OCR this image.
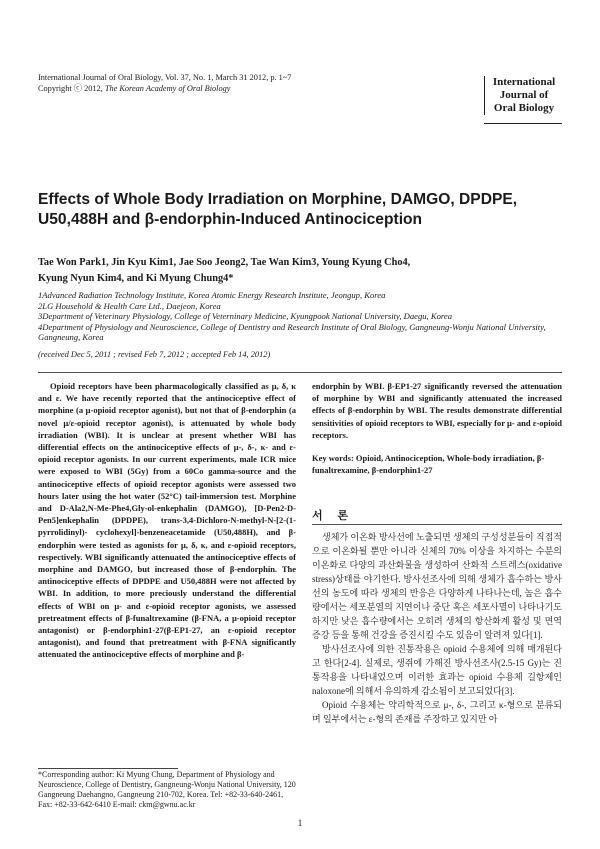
International Journal of Oral Biology, Vol. 37, No. 1, March 31 2012, p. 1~7
Copyright ⓒ 2012, The Korean Academy of Oral Biology
International
Journal of
Oral Biology
Effects of Whole Body Irradiation on Morphine, DAMGO, DPDPE,
U50,488H and β-endorphin-Induced Antinociception
Tae Won Park1, Jin Kyu Kim1, Jae Soo Jeong2, Tae Wan Kim3, Young Kyung Cho4,
Kyung Nyun Kim4, and Ki Myung Chung4*
1Advanced Radiation Technology Institute, Korea Atomic Energy Research Institute, Jeongup, Korea
2LG Household & Health Care Ltd., Daejeon, Korea
3Department of Veterinary Physiology, College of Veterninary Medicine, Kyungpook National University, Daegu, Korea
4Department of Physiology and Neuroscience, College of Dentistry and Research Institute of Oral Biology, Gangneung-Wonju National University, Gangneung, Korea
(received Dec 5, 2011 ; revised Feb 7, 2012 ; accepted Feb 14, 2012)
Opioid receptors have been pharmacologically classified as μ, δ, κ and ε. We have recently reported that the antinociceptive effect of morphine (a μ-opioid receptor agonist), but not that of β-endorphin (a novel μ/ε-opioid receptor agonist), is attenuated by whole body irradiation (WBI). It is unclear at present whether WBI has differential effects on the antinociceptive effects of μ-, δ-, κ- and ε-opioid receptor agonists. In our current experiments, male ICR mice were exposed to WBI (5Gy) from a 60Co gamma-source and the antinociceptive effects of opioid receptor agonists were assessed two hours later using the hot water (52°C) tail-immersion test. Morphine and D-Ala2,N-Me-Phe4,Gly-ol-enkephalin (DAMGO), [D-Pen2-D-Pen5]enkephalin (DPDPE), trans-3,4-Dichloro-N-methyl-N-[2-(1-pyrrolidinyl)- cyclohexyl]-benzeneacetamide (U50,488H), and β-endorphin were tested as agonists for μ, δ, κ, and ε-opioid receptors, respectively. WBI significantly attenuated the antinociceptive effects of morphine and DAMGO, but increased those of β-endorphin. The antinociceptive effects of DPDPE and U50,488H were not affected by WBI. In addition, to more preciously understand the differential effects of WBI on μ- and ε-opioid receptor agonists, we assessed pretreatment effects of β-funaltrexamine (β-FNA, a μ-opioid receptor antagonist) or β-endorphin1-27(β-EP1-27, an ε-opioid receptor antagonist), and found that pretreatment with β-FNA significantly attenuated the antinociceptive effects of morphine and β-
endorphin by WBI. β-EP1-27 significantly reversed the attenuation of morphine by WBI and significantly attenuated the increased effects of β-endorphin by WBI. The results demonstrate differential sensitivities of opioid receptors to WBI, especially for μ- and ε-opioid receptors.
Key words: Opioid, Antinociception, Whole-body irradiation, β-funaltrexamine, β-endorphin1-27
서 론

생체가 이온화 방사선에 노출되면 생체의 구성성분들이 직접적으로 이온화될 뿐만 아니라 신체의 70% 이상을 차지하는 수분의 이온화로 다양의 과산화물을 생성하여 산화적 스트레스(oxidative stress)상태를 야기한다. 방사선조사에 의해 생체가 흡수하는 방사선의 농도에 따라 생체의 반응은 다양하게 나타나는데, 높은 흡수량에서는 세포분열의 지연이나 중단 혹은 세포사멸이 나타나기도 하지만 낮은 흡수량에서는 오히려 생체의 항산화계 활성 및 면역증강 등을 통해 건강을 증진시킬 수도 있음이 알려져 있다[1].

방사선조사에 의한 진통작용은 opioid 수용체에 의해 매개된다고 한다[2-4]. 실제로, 생쥐에 가해진 방사선조사(2.5-15 Gy)는 진통작용을 나타내었으며 이러한 효과는 opioid 수용체 길항제인 naloxone에 의해서 유의하게 감소됨이 보고되었다[3].

Opioid 수용체는 약리학적으로 μ-, δ-, 그리고 κ-형으로 분류되며 일부에서는 ε-형의 존재를 주장하고 있지만 아

*Corresponding author: Ki Myung Chung, Department of Physiology and Neuroscience, College of Dentistry, Gangneung-Wonju National University, 120 Gangneung Daehangno, Gangneung 210-702, Korea. Tel: +82-33-640-2461, Fax: +82-33-642-6410 E-mail: ckm@gwnu.ac.kr
1
